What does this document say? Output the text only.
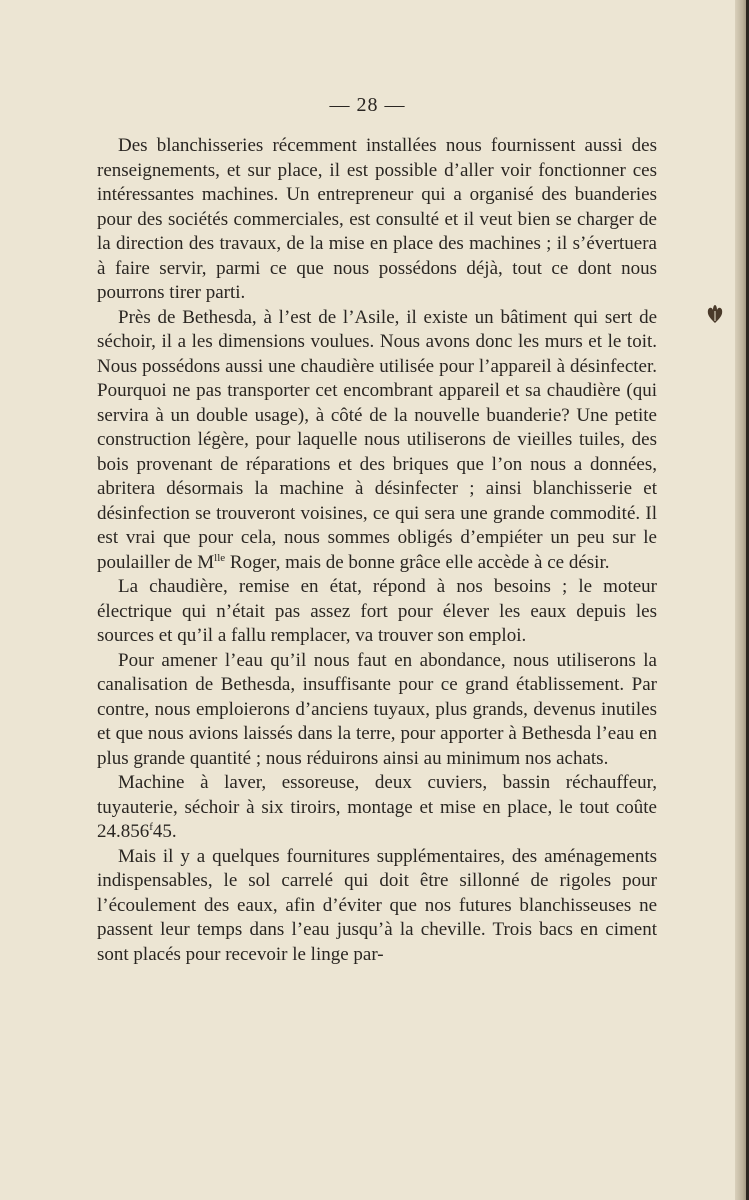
— 28 —

Des blanchisseries récemment installées nous fournissent aussi des renseignements, et sur place, il est possible d’aller voir fonctionner ces intéressantes machines. Un entrepreneur qui a organisé des buanderies pour des sociétés commerciales, est consulté et il veut bien se charger de la direction des travaux, de la mise en place des machines ; il s’évertuera à faire servir, parmi ce que nous possédons déjà, tout ce dont nous pourrons tirer parti.

Près de Bethesda, à l’est de l’Asile, il existe un bâtiment qui sert de séchoir, il a les dimensions voulues. Nous avons donc les murs et le toit. Nous possédons aussi une chaudière utilisée pour l’appareil à désinfecter. Pourquoi ne pas transporter cet encombrant appareil et sa chaudière (qui servira à un double usage), à côté de la nouvelle buanderie? Une petite construction légère, pour laquelle nous utiliserons de vieilles tuiles, des bois provenant de réparations et des briques que l’on nous a données, abritera désormais la machine à désinfecter ; ainsi blanchisserie et désinfection se trouveront voisines, ce qui sera une grande commodité. Il est vrai que pour cela, nous sommes obligés d’empiéter un peu sur le poulailler de $M^{lle}$ Roger, mais de bonne grâce elle accède à ce désir.

La chaudière, remise en état, répond à nos besoins ; le moteur électrique qui n’était pas assez fort pour élever les eaux depuis les sources et qu’il a fallu remplacer, va trouver son emploi.

Pour amener l’eau qu’il nous faut en abondance, nous utiliserons la canalisation de Bethesda, insuffisante pour ce grand établissement. Par contre, nous emploierons d’anciens tuyaux, plus grands, devenus inutiles et que nous avions laissés dans la terre, pour apporter à Bethesda l’eau en plus grande quantité ; nous réduirons ainsi au minimum nos achats.

Machine à laver, essoreuse, deux cuviers, bassin réchauffeur, tuyauterie, séchoir à six tiroirs, montage et mise en place, le tout coûte 24.856$^f$45.

Mais il y a quelques fournitures supplémentaires, des aménagements indispensables, le sol carrelé qui doit être sillonné de rigoles pour l’écoulement des eaux, afin d’éviter que nos futures blanchisseuses ne passent leur temps dans l’eau jusqu’à la cheville. Trois bacs en ciment sont placés pour recevoir le linge par-
